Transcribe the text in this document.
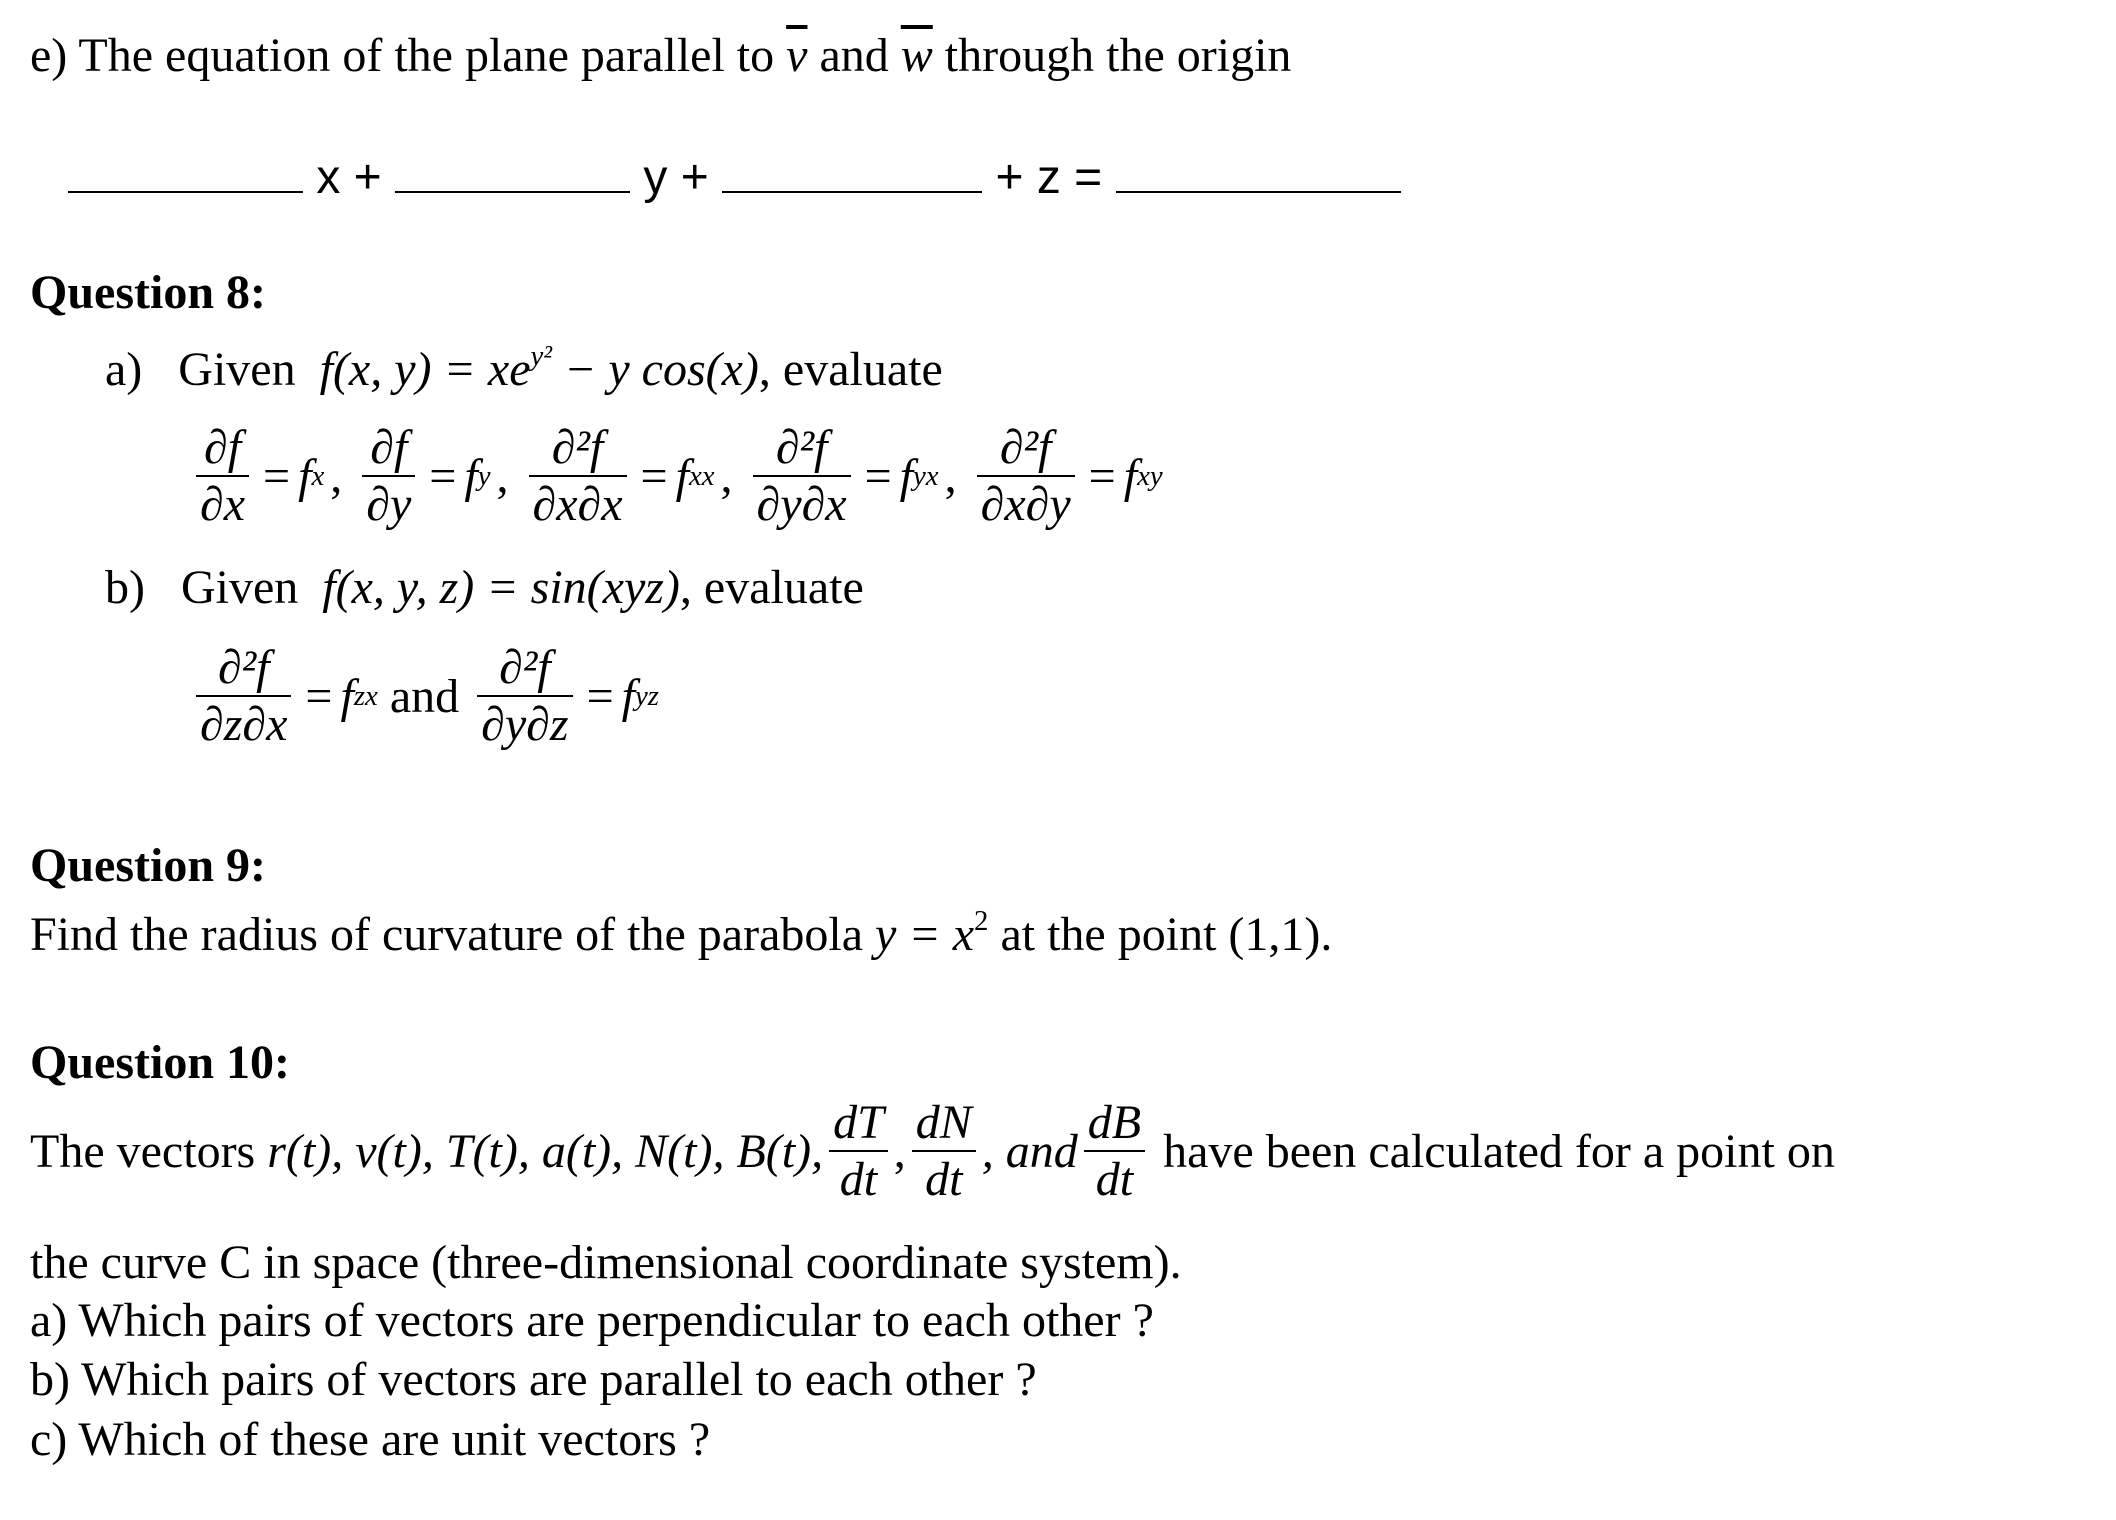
e) The equation of the plane parallel to $\overline{v}$ and $\overline{w}$ through the origin
x +	y +	+ z =
Question 8:
a) Given f(x, $y) = xe^{y^2} - y$ cos(x), evaluate
$\frac{\partial f}{\partial x} = f$ x , $\frac{\partial f}{\partial y} = f$ y , $\frac{\text{∂²f}}{\partial x\partial x} = f$ xx , $\frac{\text{∂²f}}{\partial y\partial x} = f$ yx , $\frac{\text{∂²f}}{\partial x\partial y} = f$ xy
b) Given f(x, y, z) = sin(xyz), evaluate
$\frac{\text{∂²f}}{\partial z\partial x} = f$ zx
and
$\frac{\text{∂²f}}{\partial y\partial z} = f$ yz
Question 9:
Find the radius of curvature of the parabola $y = x^2$ at the point (1,1).
Question 10:
The vectors
r(t), v(t), T(t), a(t), N(t), B(t), $\frac{dT}{dt}$ , $\frac{dN}{dt}$ , and $\frac{dB}{dt}$
have been calculated for a point on
the curve C in space (three-dimensional coordinate system).
a) Which pairs of vectors are perpendicular to each other ?
b) Which pairs of vectors are parallel to each other ?
c) Which of these are unit vectors ?
